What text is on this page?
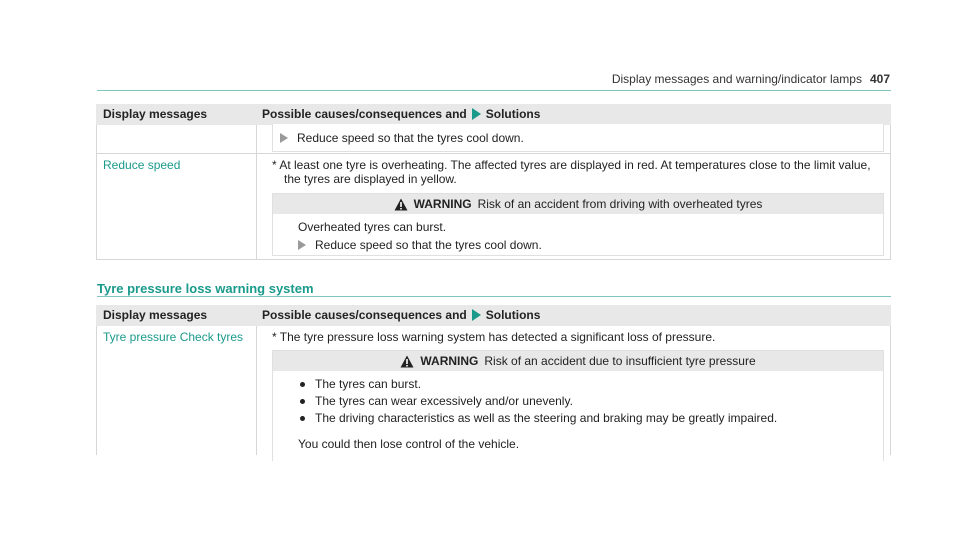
Display messages and warning/indicator lamps 407
Display messages	Possible causes/consequences and Solutions
Reduce speed so that the tyres cool down.
Reduce speed	* At least one tyre is overheating. The affected tyres are displayed in red. At temperatures close to the limit value,
the tyres are displayed in yellow.
WARNING Risk of an accident from driving with overheated tyres
Overheated tyres can burst.
Reduce speed so that the tyres cool down.
Tyre pressure loss warning system
Display messages	Possible causes/consequences and Solutions
Tyre pressure Check tyres * The tyre pressure loss warning system has detected a significant loss of pressure.
WARNING Risk of an accident due to insufficient tyre pressure
The tyres can burst.
The tyres can wear excessively and/or unevenly.
The driving characteristics as well as the steering and braking may be greatly impaired.
You could then lose control of the vehicle.
